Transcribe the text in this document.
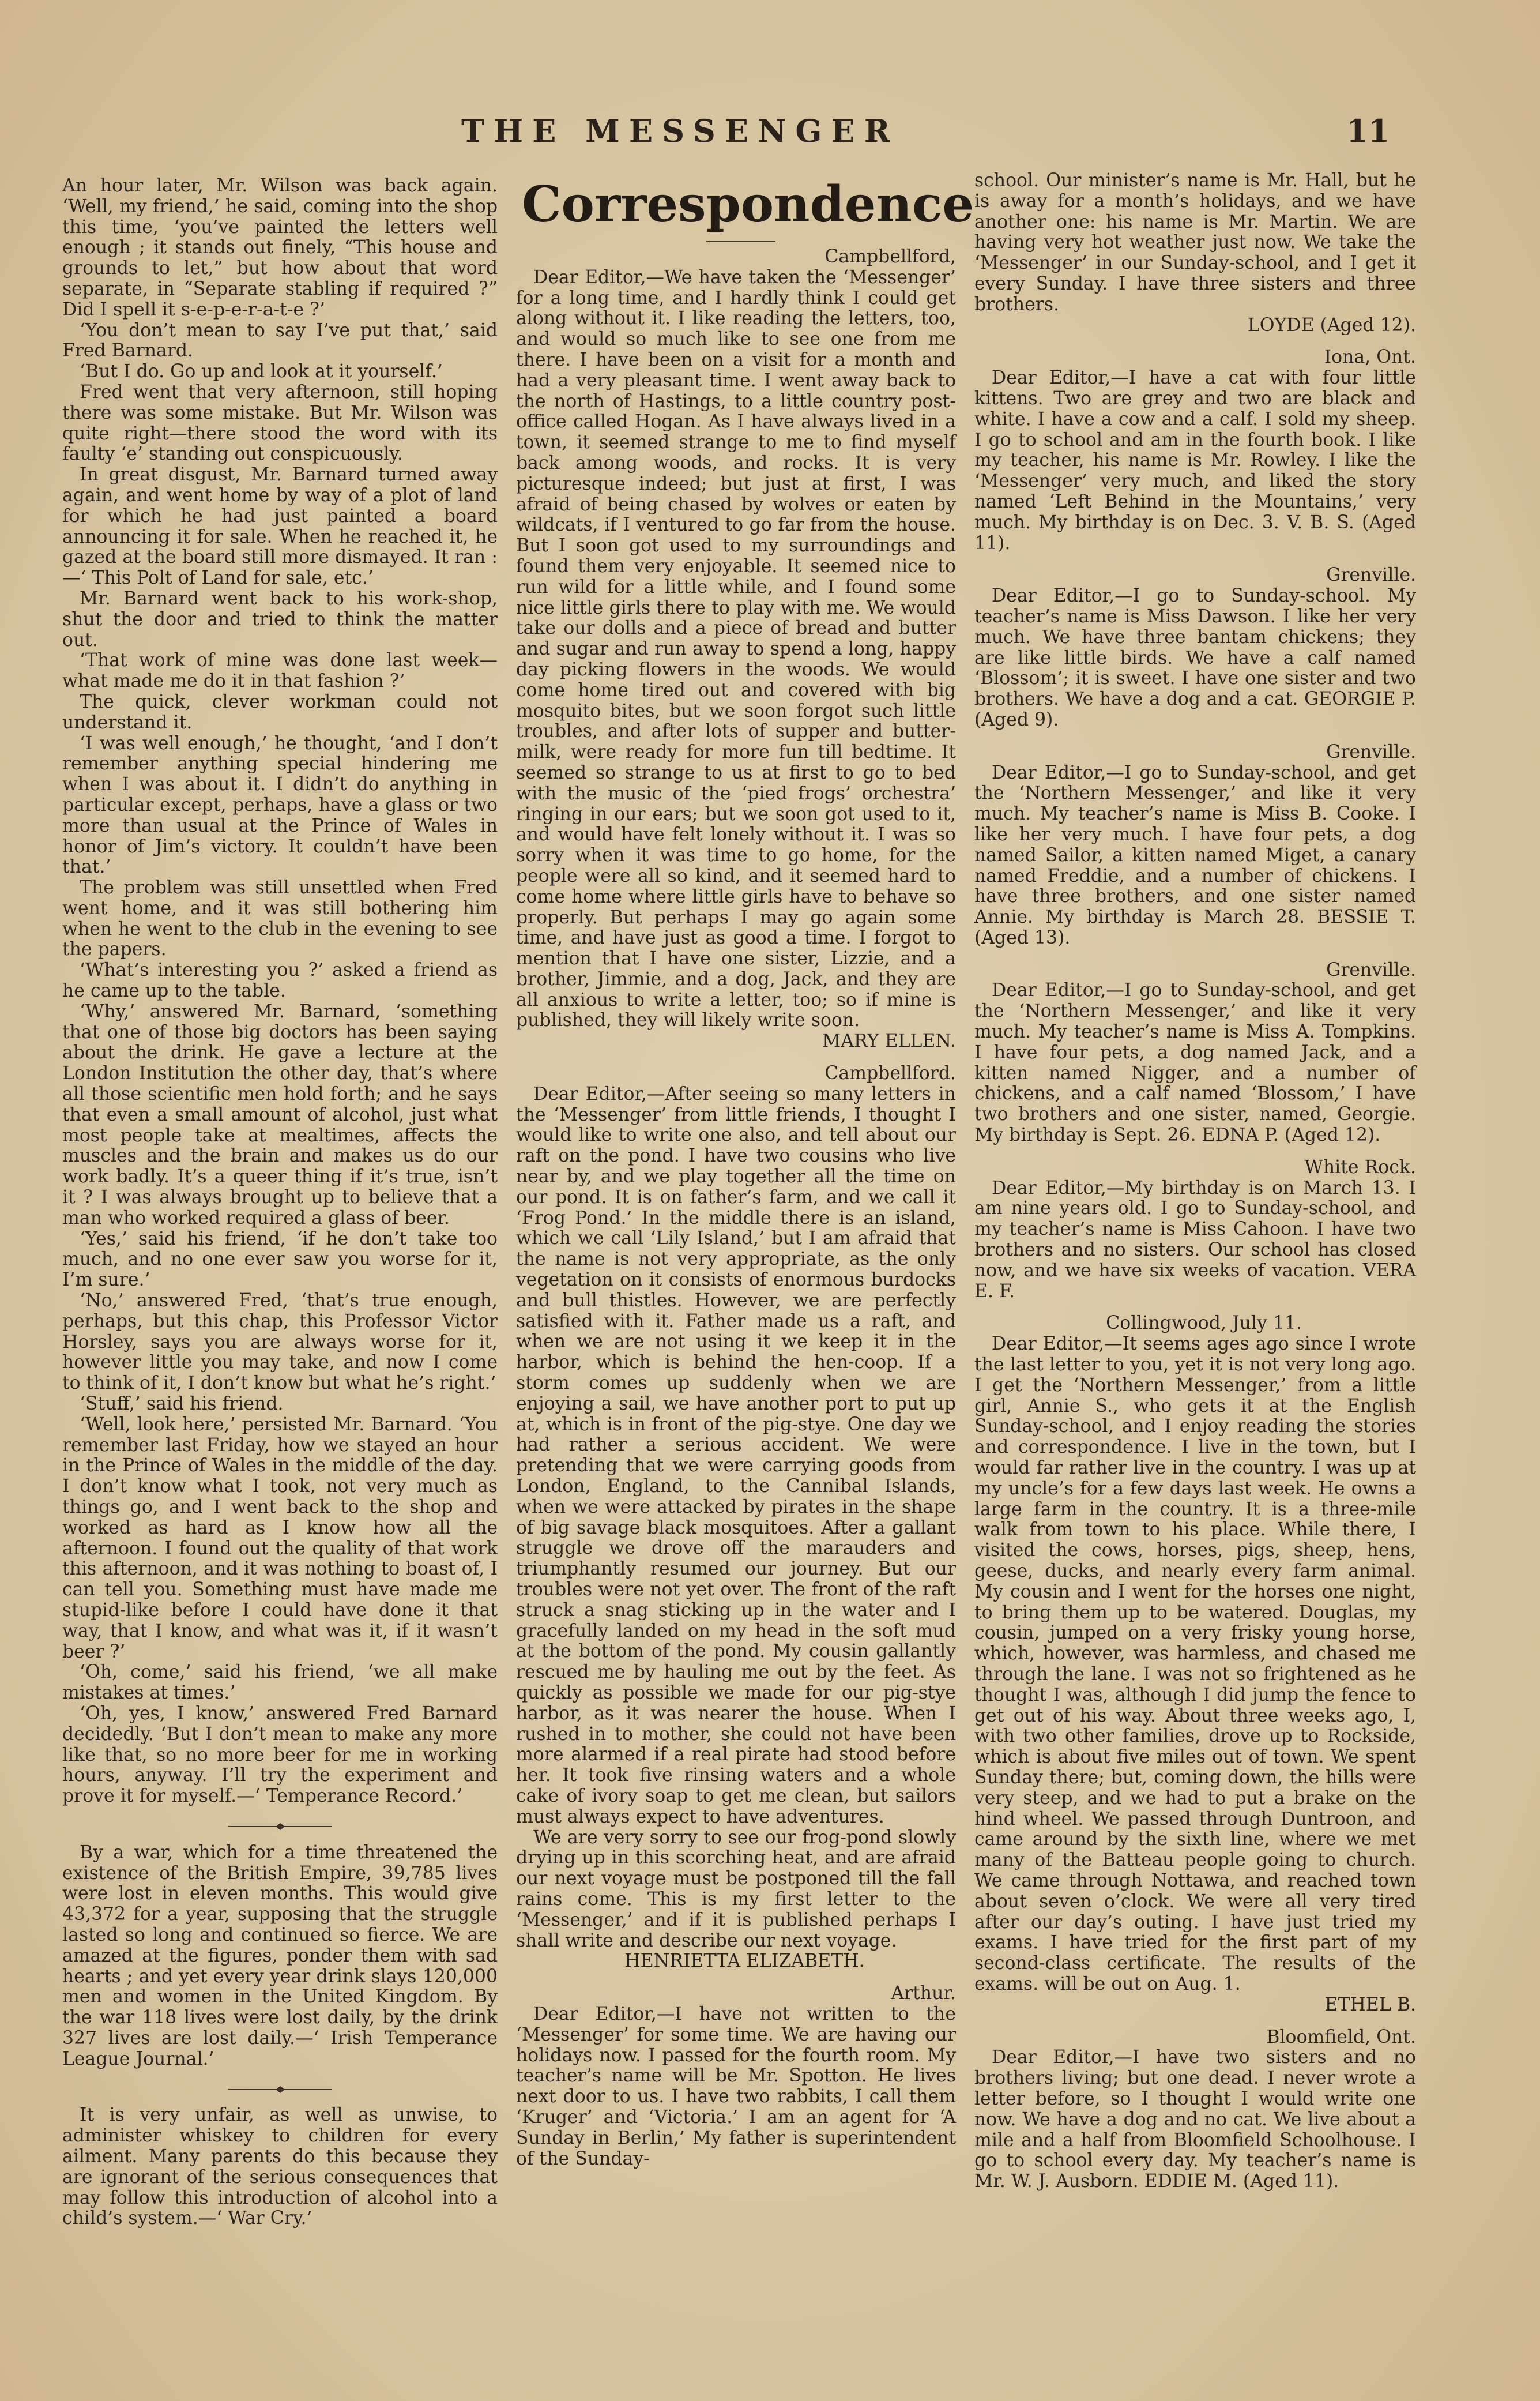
THE MESSENGER	11

An hour later, Mr. Wilson was back again. ‘Well, my friend,’ he said, coming into the shop this time, ‘you’ve painted the letters well enough ; it stands out finely, “This house and grounds to let,” but how about that word separate, in “Separate stabling if required ?” Did I spell it s-e-p-e-r-a-t-e ?’

‘You don’t mean to say I’ve put that,’ said Fred Barnard.

‘But I do. Go up and look at it yourself.’

Fred went that very afternoon, still hoping there was some mistake. But Mr. Wilson was quite right—there stood the word with its faulty ‘e’ standing out conspicuously.

In great disgust, Mr. Barnard turned away again, and went home by way of a plot of land for which he had just painted a board announcing it for sale. When he reached it, he gazed at the board still more dismayed. It ran :—‘ This Polt of Land for sale, etc.’

Mr. Barnard went back to his work-shop, shut the door and tried to think the matter out.

‘That work of mine was done last week—what made me do it in that fashion ?’

The quick, clever workman could not understand it.

‘I was well enough,’ he thought, ‘and I don’t remember anything special hindering me when I was about it. I didn’t do anything in particular except, perhaps, have a glass or two more than usual at the Prince of Wales in honor of Jim’s victory. It couldn’t have been that.’

The problem was still unsettled when Fred went home, and it was still bothering him when he went to the club in the evening to see the papers.

‘What’s interesting you ?’ asked a friend as he came up to the table.

‘Why,’ answered Mr. Barnard, ‘something that one of those big doctors has been saying about the drink. He gave a lecture at the London Institution the other day, that’s where all those scientific men hold forth; and he says that even a small amount of alcohol, just what most people take at mealtimes, affects the muscles and the brain and makes us do our work badly. It’s a queer thing if it’s true, isn’t it ? I was always brought up to believe that a man who worked required a glass of beer.

‘Yes,’ said his friend, ‘if he don’t take too much, and no one ever saw you worse for it, I’m sure.’

‘No,’ answered Fred, ‘that’s true enough, perhaps, but this chap, this Professor Victor Horsley, says you are always worse for it, however little you may take, and now I come to think of it, I don’t know but what he’s right.’

‘Stuff,’ said his friend.

‘Well, look here,’ persisted Mr. Barnard. ‘You remember last Friday, how we stayed an hour in the Prince of Wales in the middle of the day. I don’t know what I took, not very much as things go, and I went back to the shop and worked as hard as I know how all the afternoon. I found out the quality of that work this afternoon, and it was nothing to boast of, I can tell you. Something must have made me stupid-like before I could have done it that way, that I know, and what was it, if it wasn’t beer ?’

‘Oh, come,’ said his friend, ‘we all make mistakes at times.’

‘Oh, yes, I know,’ answered Fred Barnard decidedly. ‘But I don’t mean to make any more like that, so no more beer for me in working hours, anyway. I’ll try the experiment and prove it for myself.—‘ Temperance Record.’

By a war, which for a time threatened the existence of the British Empire, 39,785 lives were lost in eleven months. This would give 43,372 for a year, supposing that the struggle lasted so long and continued so fierce. We are amazed at the figures, ponder them with sad hearts ; and yet every year drink slays 120,000 men and women in the United Kingdom. By the war 118 lives were lost daily, by the drink 327 lives are lost daily.—‘ Irish Temperance League Journal.’

It is very unfair, as well as unwise, to administer whiskey to children for every ailment. Many parents do this because they are ignorant of the serious consequences that may follow this introduction of alcohol into a child’s system.—‘ War Cry.’

Correspondence

Campbellford,

Dear Editor,—We have taken the ‘Messenger’ for a long time, and I hardly think I could get along without it. I like reading the letters, too, and would so much like to see one from me there. I have been on a visit for a month and had a very pleasant time. I went away back to the north of Hastings, to a little country post-office called Hogan. As I have always lived in a town, it seemed strange to me to find myself back among woods, and rocks. It is very picturesque indeed; but just at first, I was afraid of being chased by wolves or eaten by wildcats, if I ventured to go far from the house. But I soon got used to my surroundings and found them very enjoyable. It seemed nice to run wild for a little while, and I found some nice little girls there to play with me. We would take our dolls and a piece of bread and butter and sugar and run away to spend a long, happy day picking flowers in the woods. We would come home tired out and covered with big mosquito bites, but we soon forgot such little troubles, and after lots of supper and butter-milk, were ready for more fun till bedtime. It seemed so strange to us at first to go to bed with the music of the ‘pied frogs’ orchestra’ ringing in our ears; but we soon got used to it, and would have felt lonely without it. I was so sorry when it was time to go home, for the people were all so kind, and it seemed hard to come home where little girls have to behave so properly. But perhaps I may go again some time, and have just as good a time. I forgot to mention that I have one sister, Lizzie, and a brother, Jimmie, and a dog, Jack, and they are all anxious to write a letter, too; so if mine is published, they will likely write soon.

MARY ELLEN.

Campbellford.

Dear Editor,—After seeing so many letters in the ‘Messenger’ from little friends, I thought I would like to write one also, and tell about our raft on the pond. I have two cousins who live near by, and we play together all the time on our pond. It is on father’s farm, and we call it ‘Frog Pond.’ In the middle there is an island, which we call ‘Lily Island,’ but I am afraid that the name is not very appropriate, as the only vegetation on it consists of enormous burdocks and bull thistles. However, we are perfectly satisfied with it. Father made us a raft, and when we are not using it we keep it in the harbor, which is behind the hen-coop. If a storm comes up suddenly when we are enjoying a sail, we have another port to put up at, which is in front of the pig-stye. One day we had rather a serious accident. We were pretending that we were carrying goods from London, England, to the Cannibal Islands, when we were attacked by pirates in the shape of big savage black mosquitoes. After a gallant struggle we drove off the marauders and triumphantly resumed our journey. But our troubles were not yet over. The front of the raft struck a snag sticking up in the water and I gracefully landed on my head in the soft mud at the bottom of the pond. My cousin gallantly rescued me by hauling me out by the feet. As quickly as possible we made for our pig-stye harbor, as it was nearer the house. When I rushed in to mother, she could not have been more alarmed if a real pirate had stood before her. It took five rinsing waters and a whole cake of ivory soap to get me clean, but sailors must always expect to have adventures.

We are very sorry to see our frog-pond slowly drying up in this scorching heat, and are afraid our next voyage must be postponed till the fall rains come. This is my first letter to the ‘Messenger,’ and if it is published perhaps I shall write and describe our next voyage.

HENRIETTA ELIZABETH.

Arthur.

Dear Editor,—I have not written to the ‘Messenger’ for some time. We are having our holidays now. I passed for the fourth room. My teacher’s name will be Mr. Spotton. He lives next door to us. I have two rabbits, I call them ‘Kruger’ and ‘Victoria.’ I am an agent for ‘A Sunday in Berlin,’ My father is superintendent of the Sunday-

school. Our minister’s name is Mr. Hall, but he is away for a month’s holidays, and we have another one: his name is Mr. Martin. We are having very hot weather just now. We take the ‘Messenger’ in our Sunday-school, and I get it every Sunday. I have three sisters and three brothers.

LOYDE (Aged 12).

Iona, Ont.

Dear Editor,—I have a cat with four little kittens. Two are grey and two are black and white. I have a cow and a calf. I sold my sheep. I go to school and am in the fourth book. I like my teacher, his name is Mr. Rowley. I like the ‘Messenger’ very much, and liked the story named ‘Left Behind in the Mountains,’ very much. My birthday is on Dec. 3. V. B. S. (Aged 11).

Grenville.

Dear Editor,—I go to Sunday-school. My teacher’s name is Miss Dawson. I like her very much. We have three bantam chickens; they are like little birds. We have a calf named ‘Blossom’; it is sweet. I have one sister and two brothers. We have a dog and a cat. GEORGIE P. (Aged 9).

Grenville.

Dear Editor,—I go to Sunday-school, and get the ‘Northern Messenger,’ and like it very much. My teacher’s name is Miss B. Cooke. I like her very much. I have four pets, a dog named Sailor, a kitten named Miget, a canary named Freddie, and a number of chickens. I have three brothers, and one sister named Annie. My birthday is March 28. BESSIE T. (Aged 13).

Grenville.

Dear Editor,—I go to Sunday-school, and get the ‘Northern Messenger,’ and like it very much. My teacher’s name is Miss A. Tompkins. I have four pets, a dog named Jack, and a kitten named Nigger, and a number of chickens, and a calf named ‘Blossom,’ I have two brothers and one sister, named, Georgie. My birthday is Sept. 26. EDNA P. (Aged 12).

White Rock.

Dear Editor,—My birthday is on March 13. I am nine years old. I go to Sunday-school, and my teacher’s name is Miss Cahoon. I have two brothers and no sisters. Our school has closed now, and we have six weeks of vacation. VERA E. F.

Collingwood, July 11.

Dear Editor,—It seems ages ago since I wrote the last letter to you, yet it is not very long ago. I get the ‘Northern Messenger,’ from a little girl, Annie S., who gets it at the English Sunday-school, and I enjoy reading the stories and correspondence. I live in the town, but I would far rather live in the country. I was up at my uncle’s for a few days last week. He owns a large farm in the country. It is a three-mile walk from town to his place. While there, I visited the cows, horses, pigs, sheep, hens, geese, ducks, and nearly every farm animal. My cousin and I went for the horses one night, to bring them up to be watered. Douglas, my cousin, jumped on a very frisky young horse, which, however, was harmless, and chased me through the lane. I was not so frightened as he thought I was, although I did jump the fence to get out of his way. About three weeks ago, I, with two other families, drove up to Rockside, which is about five miles out of town. We spent Sunday there; but, coming down, the hills were very steep, and we had to put a brake on the hind wheel. We passed through Duntroon, and came around by the sixth line, where we met many of the Batteau people going to church. We came through Nottawa, and reached town about seven o’clock. We were all very tired after our day’s outing. I have just tried my exams. I have tried for the first part of my second-class certificate. The results of the exams. will be out on Aug. 1.

ETHEL B.

Bloomfield, Ont.

Dear Editor,—I have two sisters and no brothers living; but one dead. I never wrote a letter before, so I thought I would write one now. We have a dog and no cat. We live about a mile and a half from Bloomfield Schoolhouse. I go to school every day. My teacher’s name is Mr. W. J. Ausborn. EDDIE M. (Aged 11).
